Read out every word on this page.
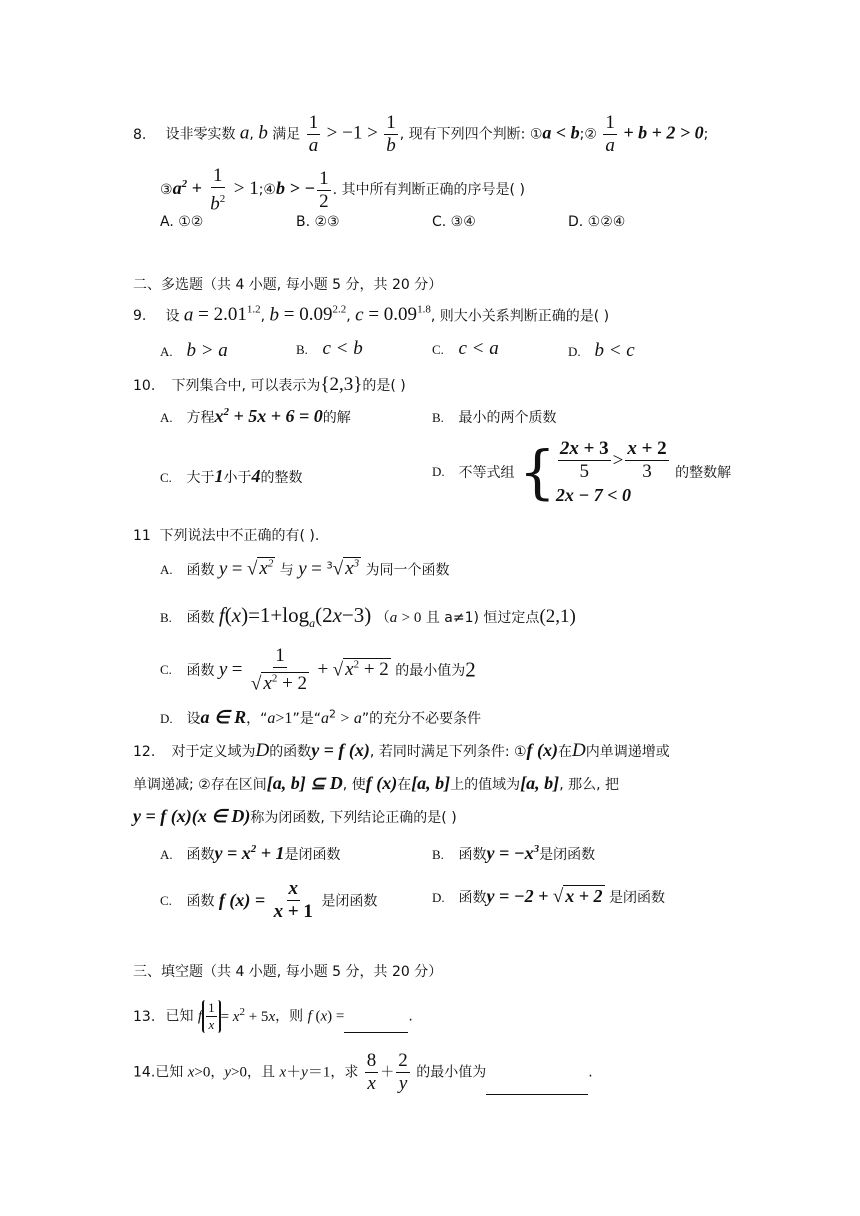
8. 设非零实数 a, b 满足 $\frac{1}{a} > -1 > \frac{1}{b}$ , 现有下列四个判断: ①a < b;② $\frac{1}{a} + b + 2 > 0$;
$③a^2 + \frac{1}{b^2}$ > 1;④b > − $\frac{1}{2}$ . 其中所有判断正确的序号是( )
A. ①②	B. ②③	C. ③④	D. ①②④
二、多选题（共 4 小题, 每小题 5 分，共 20 分）
9. 设 $a = 2.01^{1.2}$, $b = 0.09^{2.2}$, $c = 0.09^{1.8}$, 则大小关系判断正确的是( )
A. b > a	B. c < b	C. c < a	D. b < c
10. 下列集合中, 可以表示为{2,3}的是( )
A. 方程$x^2 + 5x + 6 = 0$的解	B. 最小的两个质数
C. 大于1小于4的整数	D. 不等式组 { $\frac{2x + 3}{5} > \frac{x + 2}{3}$
2x − 7 < 0
的整数解
11 下列说法中不正确的有( ).
A. 函数 y = √ $x^2$ 与 y = $^3$√ $x^3$ 为同一个函数
B. 函数 $f(x)=1+\log_a(2x-3) (a > 0$ 且 a≠1) 恒过定点(2,1)
C. 函数 $y = \frac{1}{√ x^2 + 2}$ + √ $x^2 + 2$ 的最小值为2
D. 设a ∈ R，“a>1”是“$a^2 > a$”的充分不必要条件
12. 对于定义域为D的函数y = f (x), 若同时满足下列条件: ①f (x)在D内单调递增或
单调递减; ②存在区间[a, b] ⊆ D, 使f (x)在[a, b]上的值域为[a, b], 那么, 把
y = f (x)(x ∈ D)称为闭函数, 下列结论正确的是( )
A. 函数$y = x^2 + 1$是闭函数	B. 函数$y = -x^3$是闭函数
C. 函数 f $(x) = \frac{x}{x + 1}$ 是闭函数	D. 函数y = −2 + √ x + 2 是闭函数
三、填空题（共 4 小题, 每小题 5 分，共 20 分）
13. 已知 f $\frac{1}{x} = x^2 + 5x$，则 f (x) =	.
14.已知 x>0，y>0，且 x＋y＝1，求 $\frac{8}{x} + \frac{2}{y}$ 的最小值为	.
